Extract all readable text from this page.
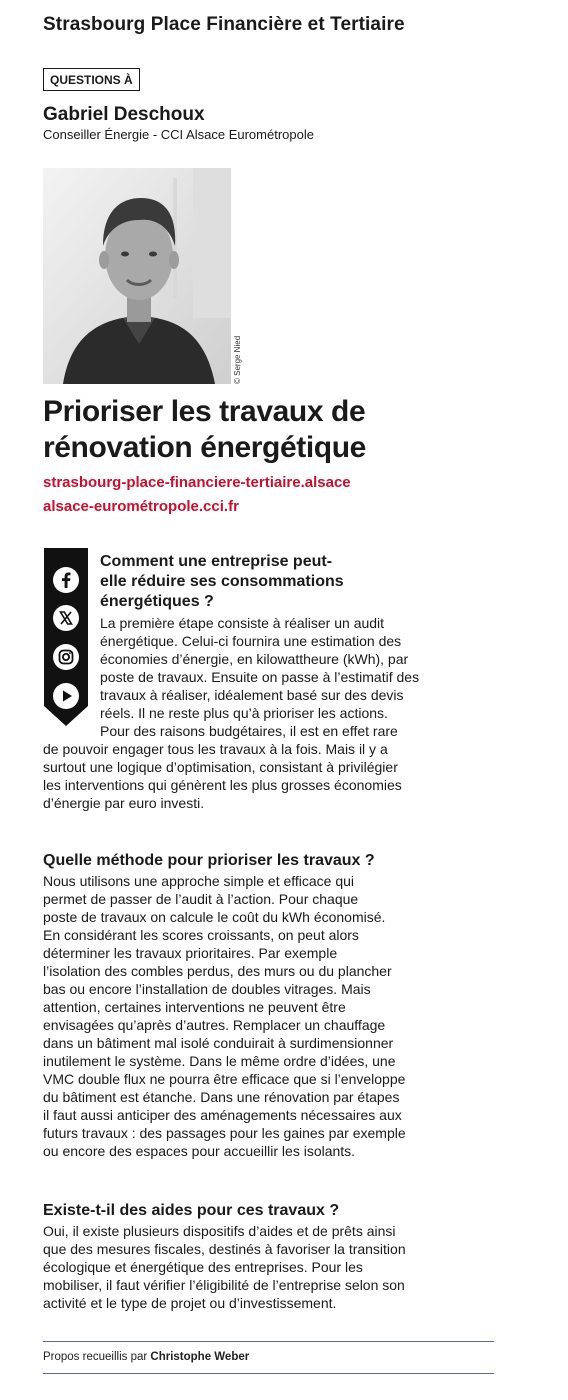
Strasbourg Place Financière et Tertiaire
QUESTIONS À
Gabriel Deschoux
Conseiller Énergie - CCI Alsace Eurométropole
© Serge Nied
Prioriser les travaux de
rénovation énergétique
strasbourg-place-financiere-tertiaire.alsace
alsace-eurométropole.cci.fr
Comment une entreprise peut-
elle réduire ses consommations
énergétiques ?
La première étape consiste à réaliser un audit
énergétique. Celui-ci fournira une estimation des
économies d’énergie, en kilowattheure (kWh), par
poste de travaux. Ensuite on passe à l’estimatif des
travaux à réaliser, idéalement basé sur des devis
réels. Il ne reste plus qu’à prioriser les actions.
Pour des raisons budgétaires, il est en effet rare
de pouvoir engager tous les travaux à la fois. Mais il y a
surtout une logique d’optimisation, consistant à privilégier
les interventions qui génèrent les plus grosses économies
d’énergie par euro investi.
Quelle méthode pour prioriser les travaux ?
Nous utilisons une approche simple et efficace qui
permet de passer de l’audit à l’action. Pour chaque
poste de travaux on calcule le coût du kWh économisé.
En considérant les scores croissants, on peut alors
déterminer les travaux prioritaires. Par exemple
l’isolation des combles perdus, des murs ou du plancher
bas ou encore l’installation de doubles vitrages. Mais
attention, certaines interventions ne peuvent être
envisagées qu’après d’autres. Remplacer un chauffage
dans un bâtiment mal isolé conduirait à surdimensionner
inutilement le système. Dans le même ordre d’idées, une
VMC double flux ne pourra être efficace que si l’enveloppe
du bâtiment est étanche. Dans une rénovation par étapes
il faut aussi anticiper des aménagements nécessaires aux
futurs travaux : des passages pour les gaines par exemple
ou encore des espaces pour accueillir les isolants.
Existe-t-il des aides pour ces travaux ?
Oui, il existe plusieurs dispositifs d’aides et de prêts ainsi
que des mesures fiscales, destinés à favoriser la transition
écologique et énergétique des entreprises. Pour les
mobiliser, il faut vérifier l’éligibilité de l’entreprise selon son
activité et le type de projet ou d’investissement.
Propos recueillis par Christophe Weber
